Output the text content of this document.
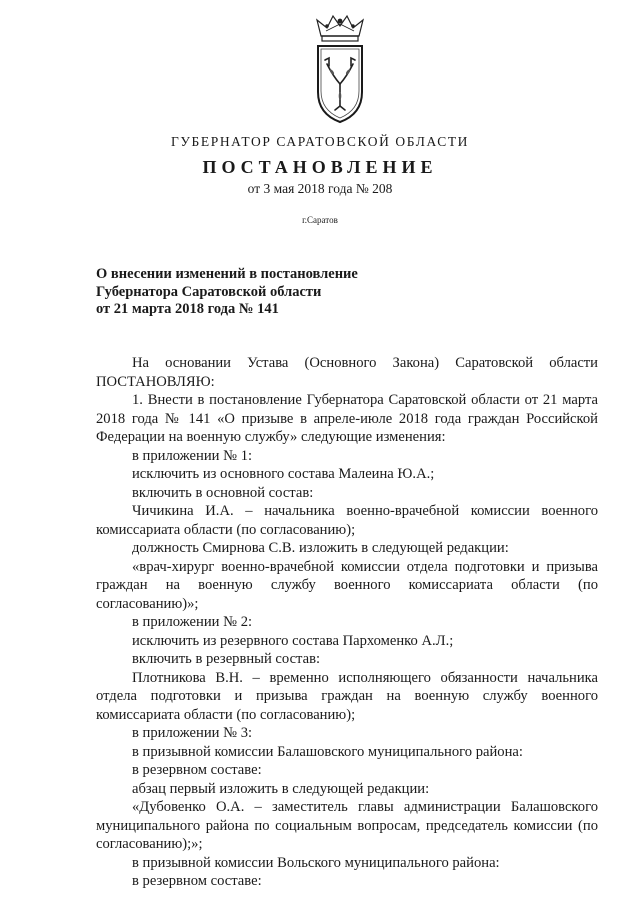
ГУБЕРНАТОР САРАТОВСКОЙ ОБЛАСТИ
ПОСТАНОВЛЕНИЕ
от 3 мая 2018 года № 208
г.Саратов
О внесении изменений в постановление
Губернатора Саратовской области
от 21 марта 2018 года № 141

На основании Устава (Основного Закона) Саратовской области ПОСТАНОВЛЯЮ:

1. Внести в постановление Губернатора Саратовской области от 21 марта 2018 года № 141 «О призыве в апреле-июле 2018 года граждан Российской Федерации на военную службу» следующие изменения:

в приложении № 1:

исключить из основного состава Малеина Ю.А.;

включить в основной состав:

Чичикина И.А. – начальника военно-врачебной комиссии военного комиссариата области (по согласованию);

должность Смирнова С.В. изложить в следующей редакции:

«врач-хирург военно-врачебной комиссии отдела подготовки и призыва граждан на военную службу военного комиссариата области (по согласованию)»;

в приложении № 2:

исключить из резервного состава Пархоменко А.Л.;

включить в резервный состав:

Плотникова В.Н. – временно исполняющего обязанности начальника отдела подготовки и призыва граждан на военную службу военного комиссариата области (по согласованию);

в приложении № 3:

в призывной комиссии Балашовского муниципального района:

в резервном составе:

абзац первый изложить в следующей редакции:

«Дубовенко О.А. – заместитель главы администрации Балашовского муниципального района по социальным вопросам, председатель комиссии (по согласованию);»;

в призывной комиссии Вольского муниципального района:

в резервном составе:
